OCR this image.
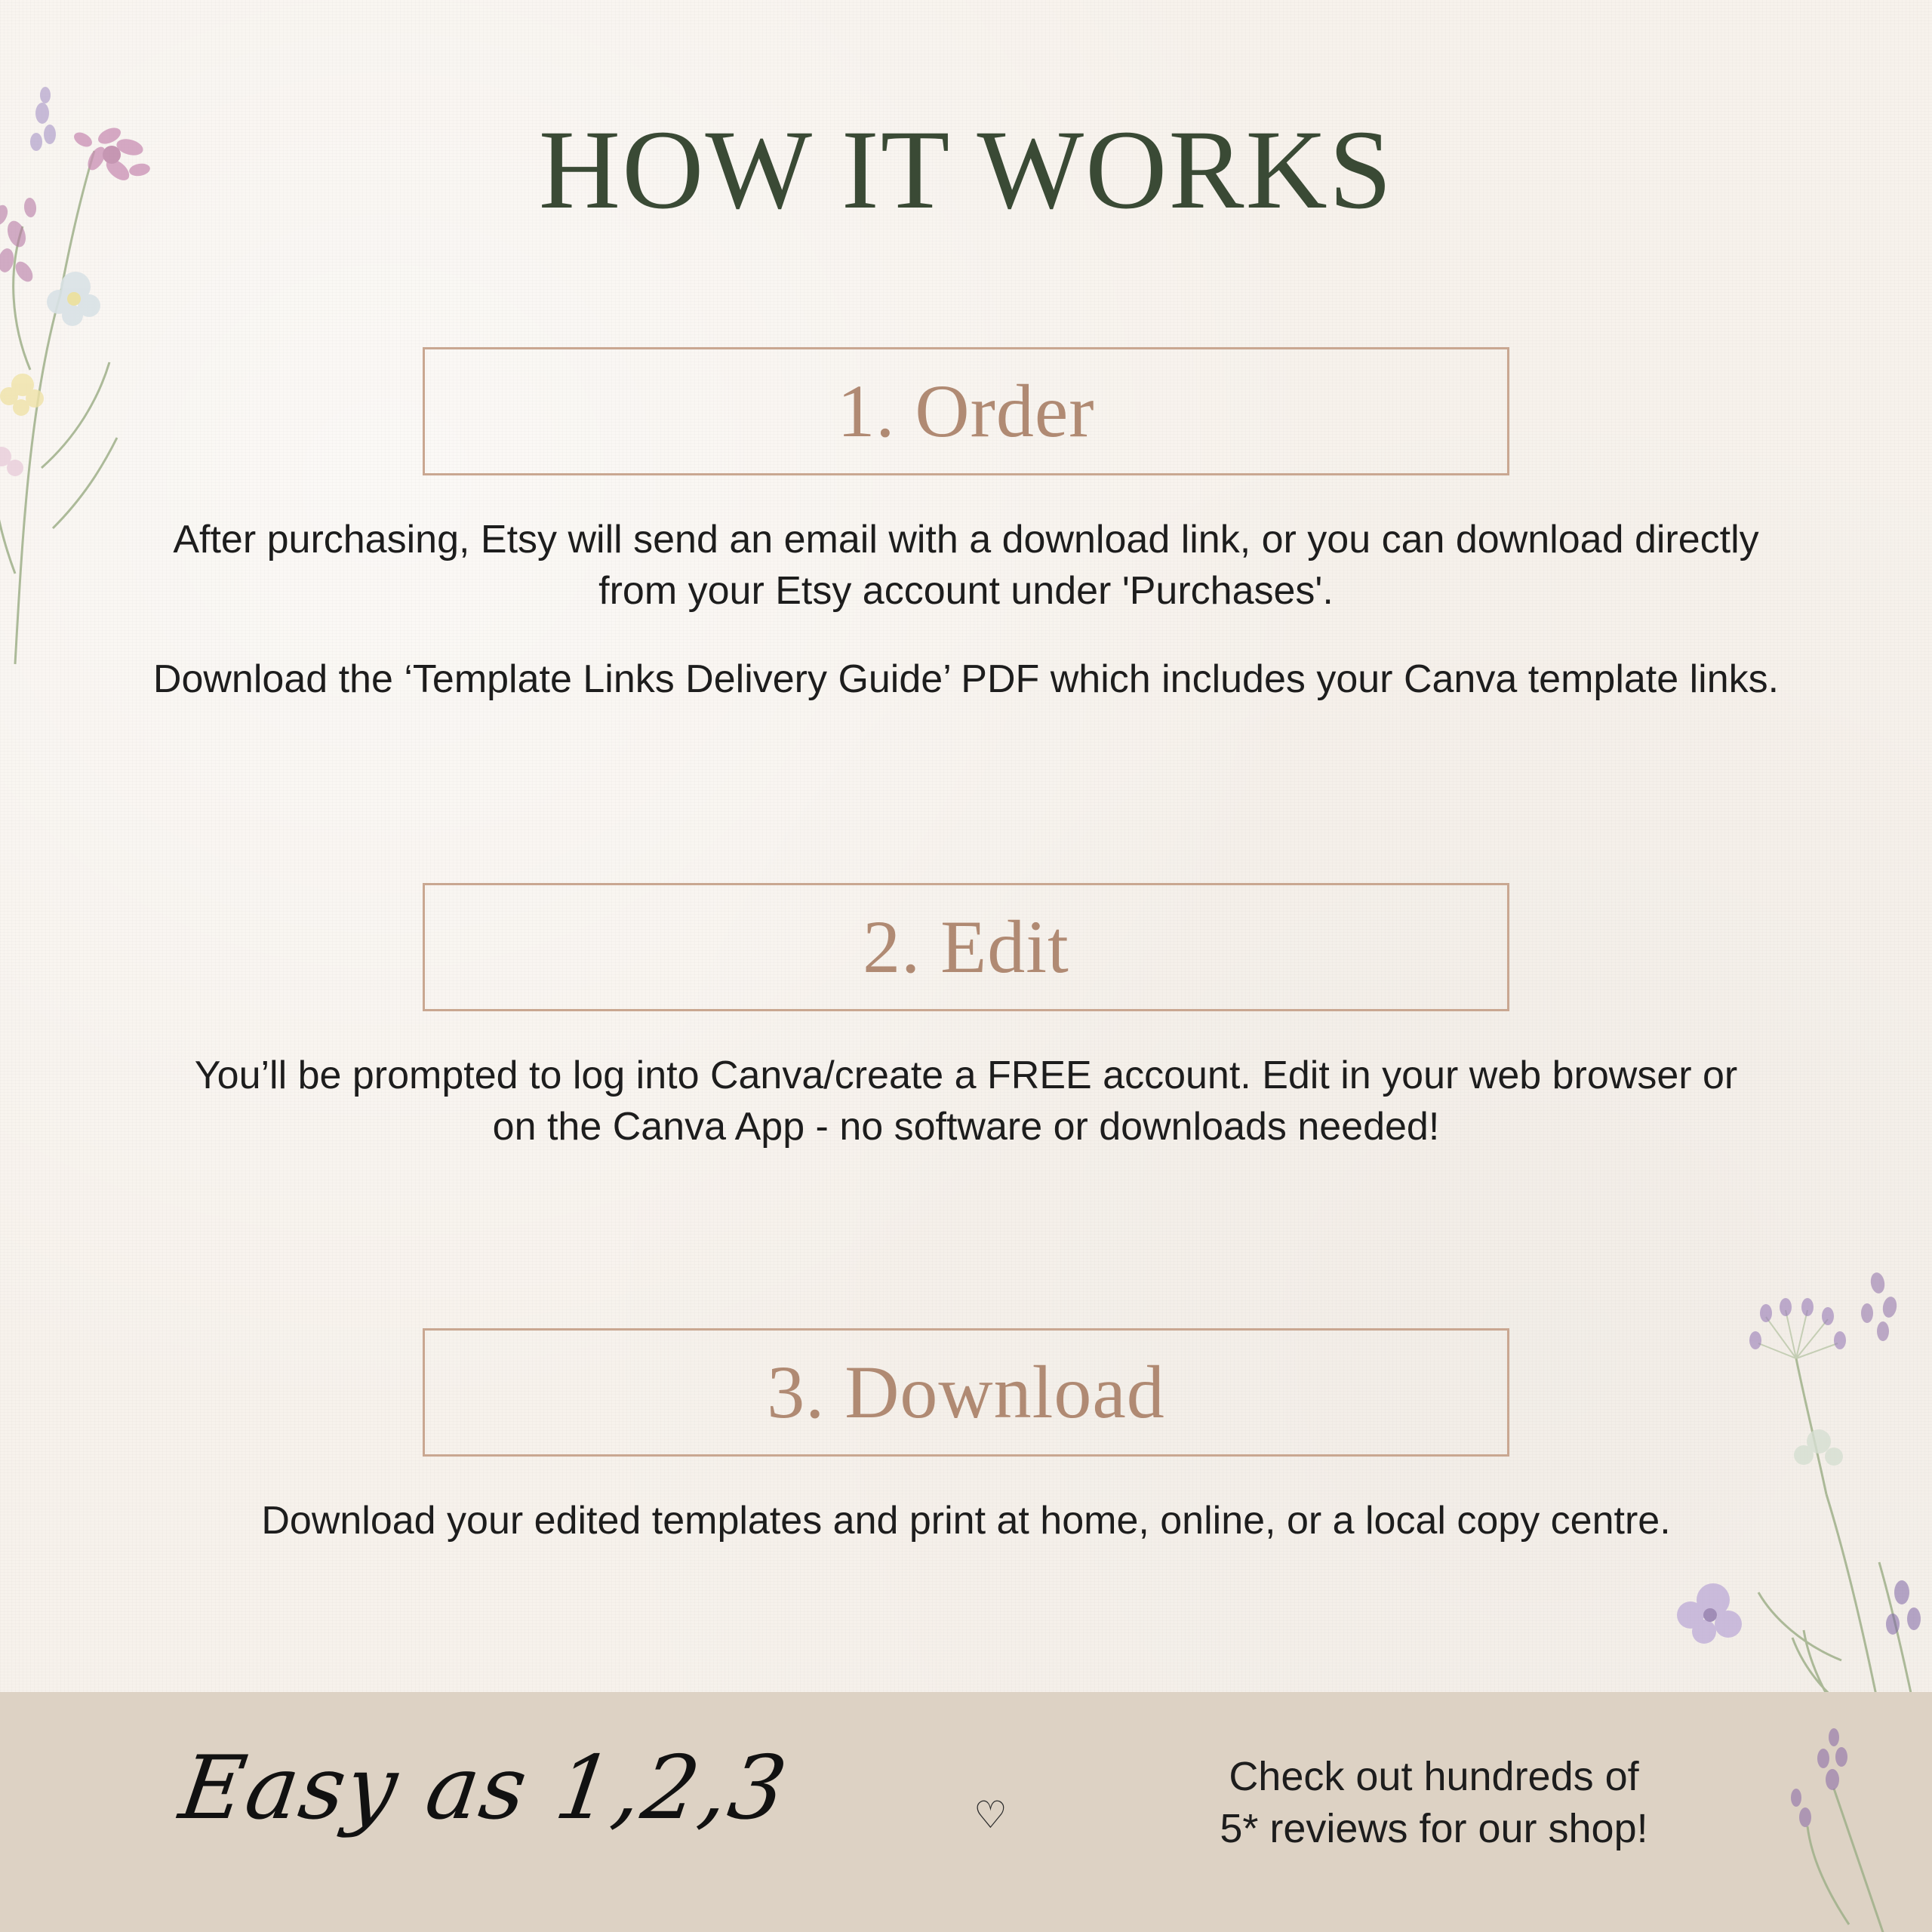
HOW IT WORKS
1. Order

After purchasing, Etsy will send an email with a download link, or you can download directly from your Etsy account under 'Purchases'.

Download the ‘Template Links Delivery Guide’ PDF which includes your Canva template links.

2. Edit

You’ll be prompted to log into Canva/create a FREE account. Edit in your web browser or on the Canva App - no software or downloads needed!

3. Download

Download your edited templates and print at home, online, or a local copy centre.

Easy as 1,2,3	♡
Check out hundreds of
5* reviews for our shop!
